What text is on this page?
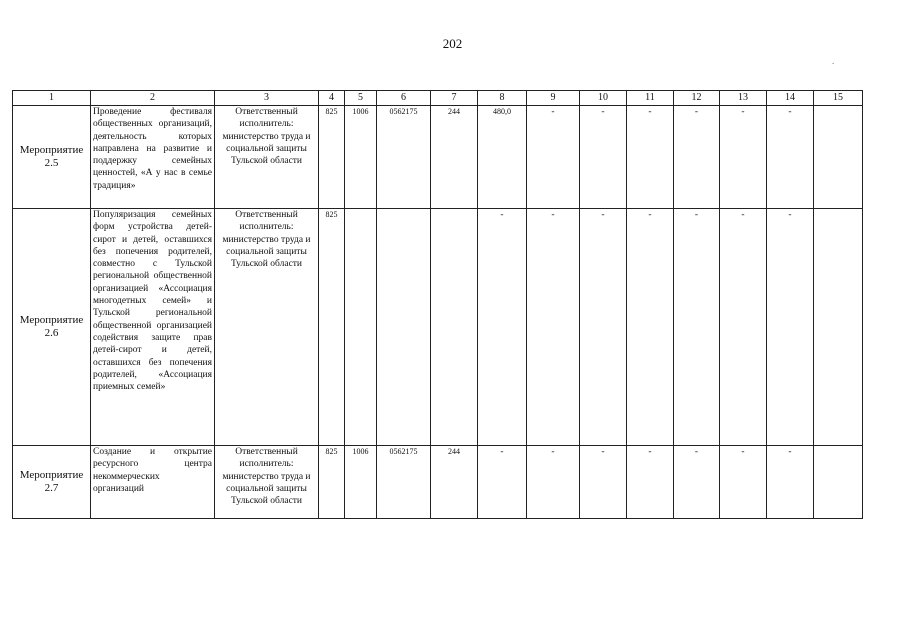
202
.
1	2	3	4	5	6	7	8	9	10	11	12	13	14	15
Мероприятие 2.5	Проведение фестиваля общественных организаций, деятельность которых направлена на развитие и поддержку семейных ценностей, «А у нас в семье традиция»	Ответственный исполнитель: министерство труда и социальной защиты Тульской области	825	1006	0562175	244	480,0	-	-	-	-	-	-	
Мероприятие 2.6	Популяризация семейных форм устройства детей-сирот и детей, оставшихся без попечения родителей, совместно с Тульской региональной общественной организацией «Ассоциация многодетных семей» и Тульской региональной общественной организацией содействия защите прав детей-сирот и детей, оставшихся без попечения родителей, «Ассоциация приемных семей»	Ответственный исполнитель: министерство труда и социальной защиты Тульской области	825				-	-	-	-	-	-	-	
Мероприятие 2.7	Создание и открытие ресурсного центра некоммерческих организаций	Ответственный исполнитель: министерство труда и социальной защиты Тульской области	825	1006	0562175	244	-	-	-	-	-	-	-	
